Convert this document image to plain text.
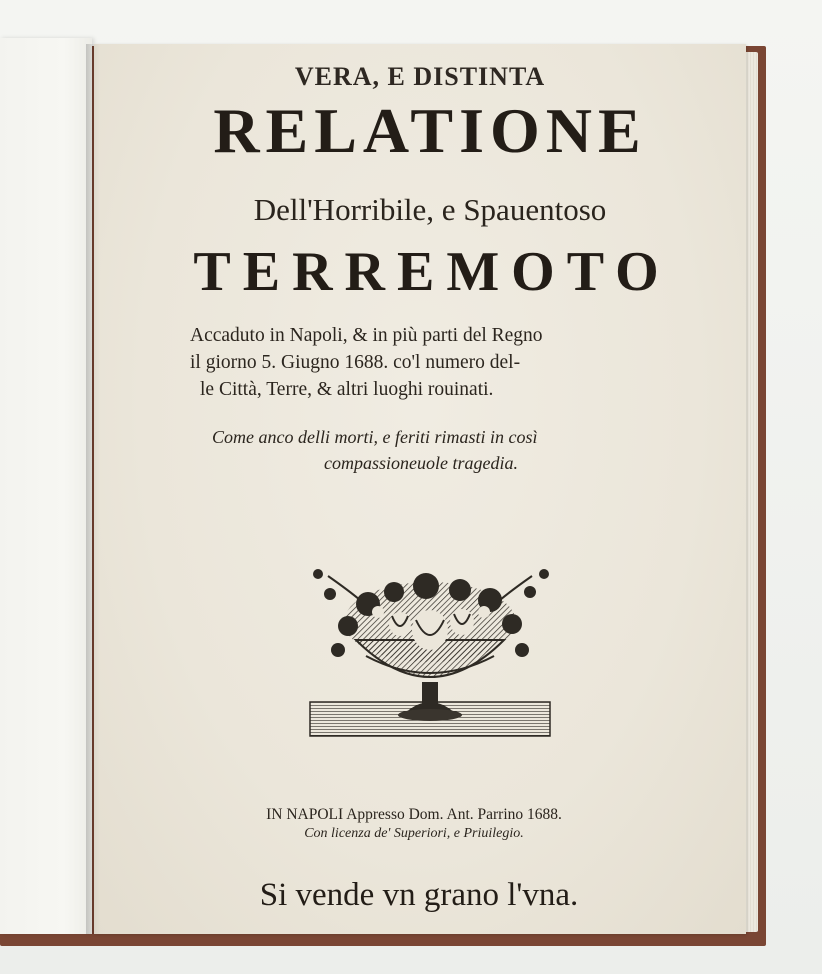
VERA, E DISTINTA

RELATIONE

Dell'Horribile, e Spauentoso

TERREMOTO

Accaduto in Napoli, & in più parti del Regno
il giorno 5. Giugno 1688. co'l numero del-
le Città, Terre, & altri luoghi rouinati.
Come anco delli morti, e feriti rimasti in così
compassioneuole tragedia.

IN NAPOLI Appresso Dom. Ant. Parrino 1688.

Con licenza de' Superiori, e Priuilegio.

Si vende vn grano l'vna.
